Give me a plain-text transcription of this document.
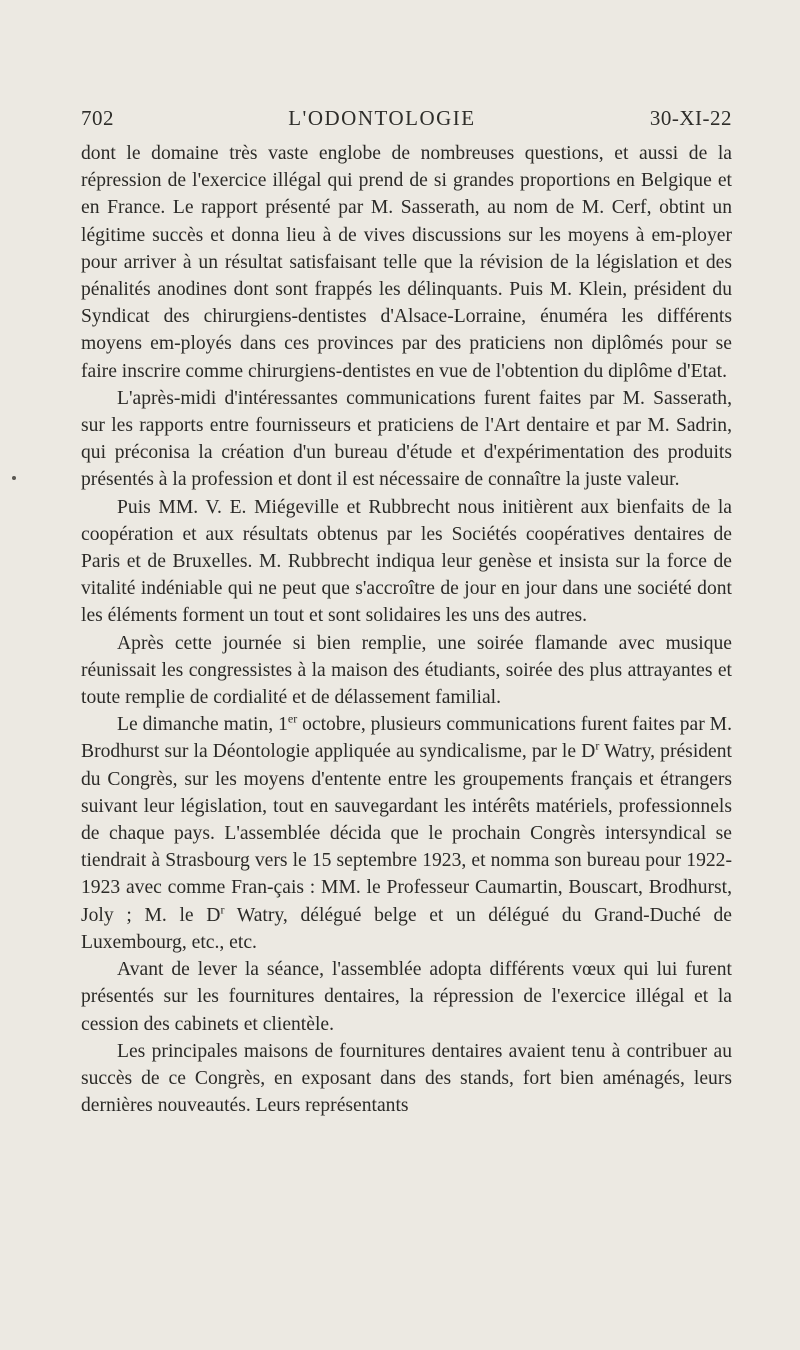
702	L'ODONTOLOGIE	30-XI-22

dont le domaine très vaste englobe de nombreuses questions, et aussi de la répression de l'exercice illégal qui prend de si grandes proportions en Belgique et en France. Le rapport présenté par M. Sasserath, au nom de M. Cerf, obtint un légitime succès et donna lieu à de vives discussions sur les moyens à em-ployer pour arriver à un résultat satisfaisant telle que la révision de la législation et des pénalités anodines dont sont frappés les délinquants. Puis M. Klein, président du Syndicat des chirurgiens-dentistes d'Alsace-Lorraine, énuméra les différents moyens em-ployés dans ces provinces par des praticiens non diplômés pour se faire inscrire comme chirurgiens-dentistes en vue de l'obtention du diplôme d'Etat.

L'après-midi d'intéressantes communications furent faites par M. Sasserath, sur les rapports entre fournisseurs et praticiens de l'Art dentaire et par M. Sadrin, qui préconisa la création d'un bureau d'étude et d'expérimentation des produits présentés à la profession et dont il est nécessaire de connaître la juste valeur.

Puis MM. V. E. Miégeville et Rubbrecht nous initièrent aux bienfaits de la coopération et aux résultats obtenus par les Sociétés coopératives dentaires de Paris et de Bruxelles. M. Rubbrecht indiqua leur genèse et insista sur la force de vitalité indéniable qui ne peut que s'accroître de jour en jour dans une société dont les éléments forment un tout et sont solidaires les uns des autres.

Après cette journée si bien remplie, une soirée flamande avec musique réunissait les congressistes à la maison des étudiants, soirée des plus attrayantes et toute remplie de cordialité et de délassement familial.

Le dimanche matin, 1er octobre, plusieurs communications furent faites par M. Brodhurst sur la Déontologie appliquée au syndicalisme, par le $D^r$ Watry, président du Congrès, sur les moyens d'entente entre les groupements français et étrangers suivant leur législation, tout en sauvegardant les intérêts matériels, professionnels de chaque pays. L'assemblée décida que le prochain Congrès intersyndical se tiendrait à Strasbourg vers le 15 septembre 1923, et nomma son bureau pour 1922-1923 avec comme Fran-çais : MM. le Professeur Caumartin, Bouscart, Brodhurst, Joly ; M. le $D^r$ Watry, délégué belge et un délégué du Grand-Duché de Luxembourg, etc., etc.

Avant de lever la séance, l'assemblée adopta différents vœux qui lui furent présentés sur les fournitures dentaires, la répression de l'exercice illégal et la cession des cabinets et clientèle.

Les principales maisons de fournitures dentaires avaient tenu à contribuer au succès de ce Congrès, en exposant dans des stands, fort bien aménagés, leurs dernières nouveautés. Leurs représentants
